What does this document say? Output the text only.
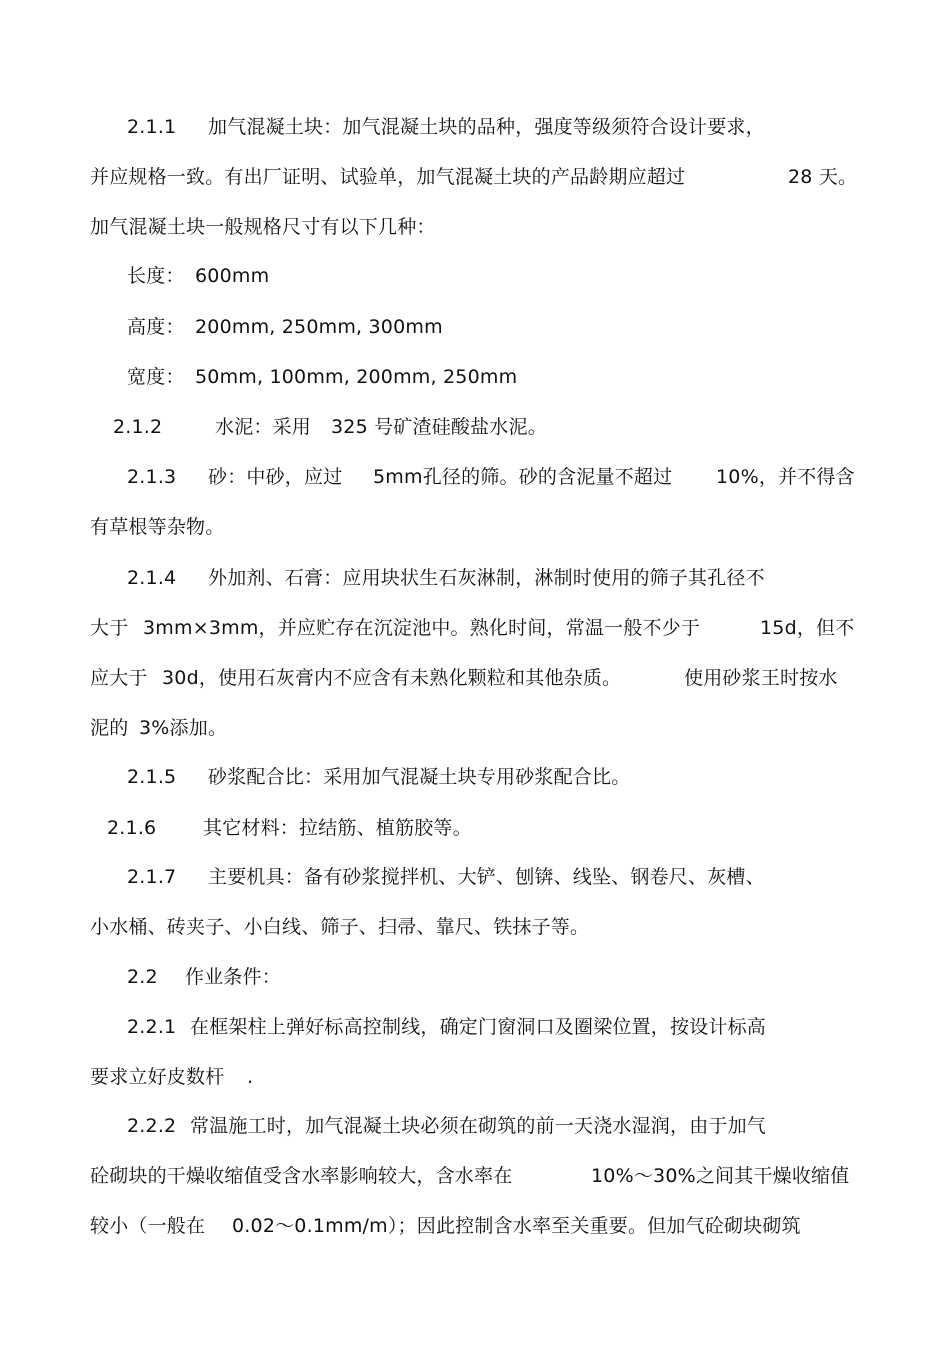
2.1.1 加气混凝土块：加气混凝土块的品种，强度等级须符合设计要求，
并应规格一致。有出厂证明、试验单，加气混凝土块的产品龄期应超过	28 天。
加气混凝土块一般规格尺寸有以下几种：
长度： 600mm
高度： 200mm, 250mm, 300mm
宽度： 50mm, 100mm, 200mm, 250mm
2.1.2	水泥：采用 325 号矿渣硅酸盐水泥。
2.1.3 砂：中砂，应过 5mm孔径的筛。砂的含泥量不超过 10%，并不得含
有草根等杂物。
2.1.4 外加剂、石膏：应用块状生石灰淋制，淋制时使用的筛子其孔径不
大于 3mm×3mm，并应贮存在沉淀池中。熟化时间，常温一般不少于	15d，但不
应大于 30d，使用石灰膏内不应含有未熟化颗粒和其他杂质。	使用砂浆王时按水
泥的 3%添加。
2.1.5 砂浆配合比：采用加气混凝土块专用砂浆配合比。
2.1.6 其它材料：拉结筋、植筋胶等。
2.1.7 主要机具：备有砂浆搅拌机、大铲、刨锛、线坠、钢卷尺、灰槽、
小水桶、砖夹子、小白线、筛子、扫帚、靠尺、铁抹子等。
2.2 作业条件：
2.2.1 在框架柱上弹好标高控制线，确定门窗洞口及圈梁位置，按设计标高
要求立好皮数杆 .
2.2.2 常温施工时，加气混凝土块必须在砌筑的前一天浇水湿润，由于加气
砼砌块的干燥收缩值受含水率影响较大，含水率在	10%～30%之间其干燥收缩值
较小（一般在 0.02～0.1mm/m）；因此控制含水率至关重要。但加气砼砌块砌筑
